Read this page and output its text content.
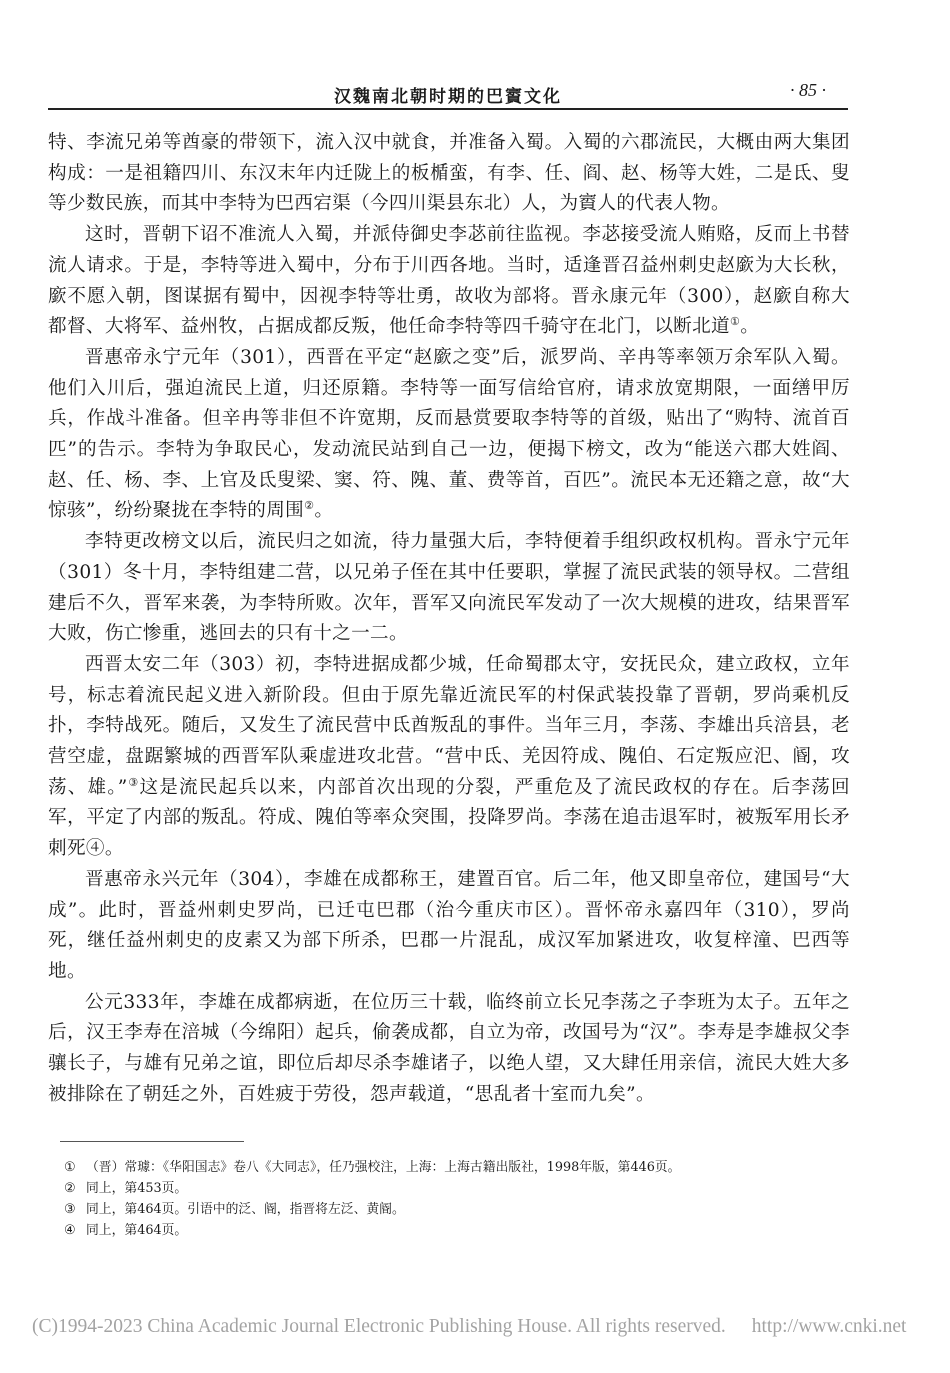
汉魏南北朝时期的巴賨文化	· 85 ·

特、李流兄弟等酋豪的带领下，流入汉中就食，并准备入蜀。入蜀的六郡流民，大概由两大集团构成：一是祖籍四川、东汉末年内迁陇上的板楯蛮，有李、任、阎、赵、杨等大姓，二是氐、叟等少数民族，而其中李特为巴西宕渠（今四川渠县东北）人，为賨人的代表人物。

这时，晋朝下诏不准流人入蜀，并派侍御史李苾前往监视。李苾接受流人贿赂，反而上书替流人请求。于是，李特等进入蜀中，分布于川西各地。当时，适逢晋召益州刺史赵廞为大长秋，廞不愿入朝，图谋据有蜀中，因视李特等壮勇，故收为部将。晋永康元年（300），赵廞自称大都督、大将军、益州牧，占据成都反叛，他任命李特等四千骑守在北门，以断北道①。

晋惠帝永宁元年（301），西晋在平定“赵廞之变”后，派罗尚、辛冉等率领万余军队入蜀。他们入川后，强迫流民上道，归还原籍。李特等一面写信给官府，请求放宽期限，一面缮甲厉兵，作战斗准备。但辛冉等非但不许宽期，反而悬赏要取李特等的首级，贴出了“购特、流首百匹”的告示。李特为争取民心，发动流民站到自己一边，便揭下榜文，改为“能送六郡大姓阎、赵、任、杨、李、上官及氐叟梁、窦、符、隗、董、费等首，百匹”。流民本无还籍之意，故“大惊骇”，纷纷聚拢在李特的周围②。

李特更改榜文以后，流民归之如流，待力量强大后，李特便着手组织政权机构。晋永宁元年（301）冬十月，李特组建二营，以兄弟子侄在其中任要职，掌握了流民武装的领导权。二营组建后不久，晋军来袭，为李特所败。次年，晋军又向流民军发动了一次大规模的进攻，结果晋军大败，伤亡惨重，逃回去的只有十之一二。

西晋太安二年（303）初，李特进据成都少城，任命蜀郡太守，安抚民众，建立政权，立年号，标志着流民起义进入新阶段。但由于原先靠近流民军的村保武装投靠了晋朝，罗尚乘机反扑，李特战死。随后，又发生了流民营中氐酋叛乱的事件。当年三月，李荡、李雄出兵涪县，老营空虚，盘踞繁城的西晋军队乘虚进攻北营。“营中氐、羌因符成、隗伯、石定叛应汜、阍，攻荡、雄。”③这是流民起兵以来，内部首次出现的分裂，严重危及了流民政权的存在。后李荡回军，平定了内部的叛乱。符成、隗伯等率众突围，投降罗尚。李荡在追击退军时，被叛军用长矛刺死④。

晋惠帝永兴元年（304），李雄在成都称王，建置百官。后二年，他又即皇帝位，建国号“大成”。此时，晋益州刺史罗尚，已迁屯巴郡（治今重庆市区）。晋怀帝永嘉四年（310），罗尚死，继任益州刺史的皮素又为部下所杀，巴郡一片混乱，成汉军加紧进攻，收复梓潼、巴西等地。

公元333年，李雄在成都病逝，在位历三十载，临终前立长兄李荡之子李班为太子。五年之后，汉王李寿在涪城（今绵阳）起兵，偷袭成都，自立为帝，改国号为“汉”。李寿是李雄叔父李骧长子，与雄有兄弟之谊，即位后却尽杀李雄诸子，以绝人望，又大肆任用亲信，流民大姓大多被排除在了朝廷之外，百姓疲于劳役，怨声载道，“思乱者十室而九矣”。

① （晋）常璩：《华阳国志》卷八《大同志》，任乃强校注，上海：上海古籍出版社，1998年版，第446页。
② 同上，第453页。
③ 同上，第464页。引语中的泛、阍，指晋将左泛、黄阍。
④ 同上，第464页。
(C)1994-2023 China Academic Journal Electronic Publishing House. All rights reserved. http://www.cnki.net
